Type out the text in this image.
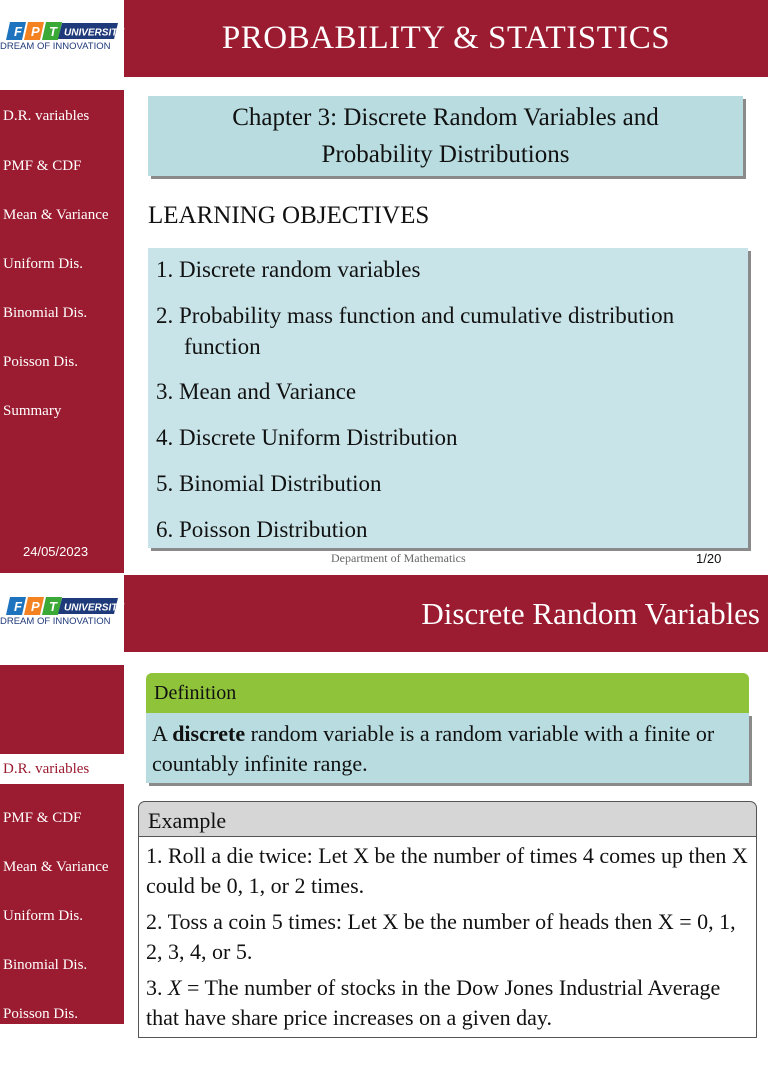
F P T UNIVERSITY
DREAM OF INNOVATION	PROBABILITY & STATISTICS
D.R. variables
PMF & CDF
Mean & Variance
Uniform Dis.
Binomial Dis.
Poisson Dis.
Summary
24/05/2023
Chapter 3: Discrete Random Variables and
Probability Distributions
LEARNING OBJECTIVES
1. Discrete random variables
2. Probability mass function and cumulative distribution
function
3. Mean and Variance
4. Discrete Uniform Distribution
5. Binomial Distribution
6. Poisson Distribution
Department of Mathematics	1/20
F P T UNIVERSITY
DREAM OF INNOVATION	Discrete Random Variables
D.R. variables
PMF & CDF
Mean & Variance
Uniform Dis.
Binomial Dis.
Poisson Dis.
Summary
Definition
A discrete random variable is a random variable with a finite or countably infinite range.
Example
1. Roll a die twice: Let X be the number of times 4 comes up then X could be 0, 1, or 2 times.
2. Toss a coin 5 times: Let X be the number of heads then X = 0, 1, 2, 3, 4, or 5.
3. X = The number of stocks in the Dow Jones Industrial Average that have share price increases on a given day.
